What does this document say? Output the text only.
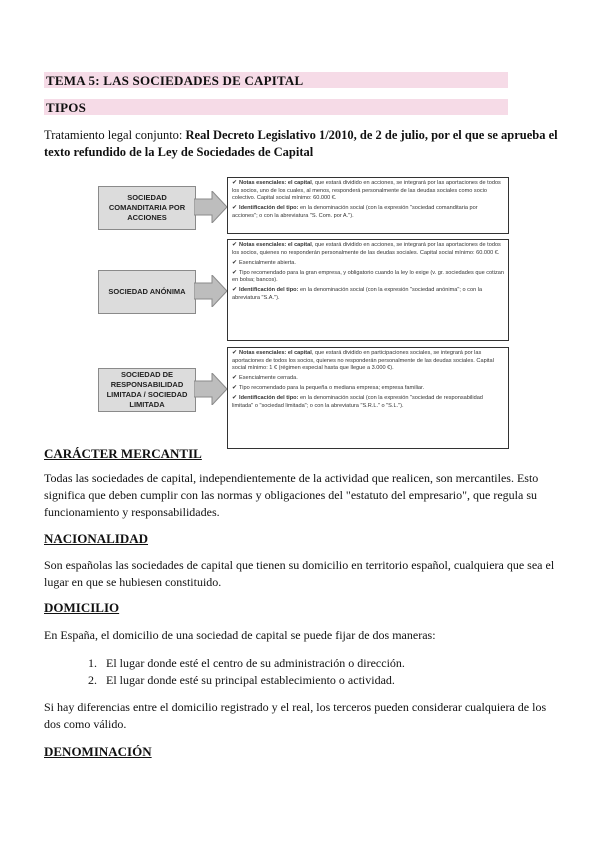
TEMA 5: LAS SOCIEDADES DE CAPITAL
TIPOS
Tratamiento legal conjunto: Real Decreto Legislativo 1/2010, de 2 de julio, por el que se aprueba el texto refundido de la Ley de Sociedades de Capital
SOCIEDAD COMANDITARIA POR ACCIONES
✔ Notas esenciales: el capital, que estará dividido en acciones, se integrará por las aportaciones de todos los socios, uno de los cuales, al menos, responderá personalmente de las deudas sociales como socio colectivo. Capital social mínimo: 60.000 €.
✔ Identificación del tipo: en la denominación social (con la expresión "sociedad comanditaria por acciones"; o con la abreviatura "S. Com. por A.").
SOCIEDAD ANÓNIMA
✔ Notas esenciales: el capital, que estará dividido en acciones, se integrará por las aportaciones de todos los socios, quienes no responderán personalmente de las deudas sociales. Capital social mínimo: 60.000 €.
✔ Esencialmente abierta.
✔ Tipo recomendado para la gran empresa, y obligatorio cuando la ley lo exige (v. gr. sociedades que cotizan en bolsa; bancos).
✔ Identificación del tipo: en la denominación social (con la expresión "sociedad anónima"; o con la abreviatura "S.A.").
SOCIEDAD DE RESPONSABILIDAD LIMITADA / SOCIEDAD LIMITADA
✔ Notas esenciales: el capital, que estará dividido en participaciones sociales, se integrará por las aportaciones de todos los socios, quienes no responderán personalmente de las deudas sociales. Capital social mínimo: 1 € (régimen especial hasta que llegue a 3.000 €).
✔ Esencialmente cerrada.
✔ Tipo recomendado para la pequeña o mediana empresa; empresa familiar.
✔ Identificación del tipo: en la denominación social (con la expresión "sociedad de responsabilidad limitada" o "sociedad limitada"; o con la abreviatura "S.R.L." o "S.L.").
CARÁCTER MERCANTIL
Todas las sociedades de capital, independientemente de la actividad que realicen, son mercantiles. Esto significa que deben cumplir con las normas y obligaciones del "estatuto del empresario", que regula su funcionamiento y responsabilidades.
NACIONALIDAD
Son españolas las sociedades de capital que tienen su domicilio en territorio español, cualquiera que sea el lugar en que se hubiesen constituido.
DOMICILIO
En España, el domicilio de una sociedad de capital se puede fijar de dos maneras:
1. El lugar donde esté el centro de su administración o dirección.
2. El lugar donde esté su principal establecimiento o actividad.
Si hay diferencias entre el domicilio registrado y el real, los terceros pueden considerar cualquiera de los dos como válido.
DENOMINACIÓN
